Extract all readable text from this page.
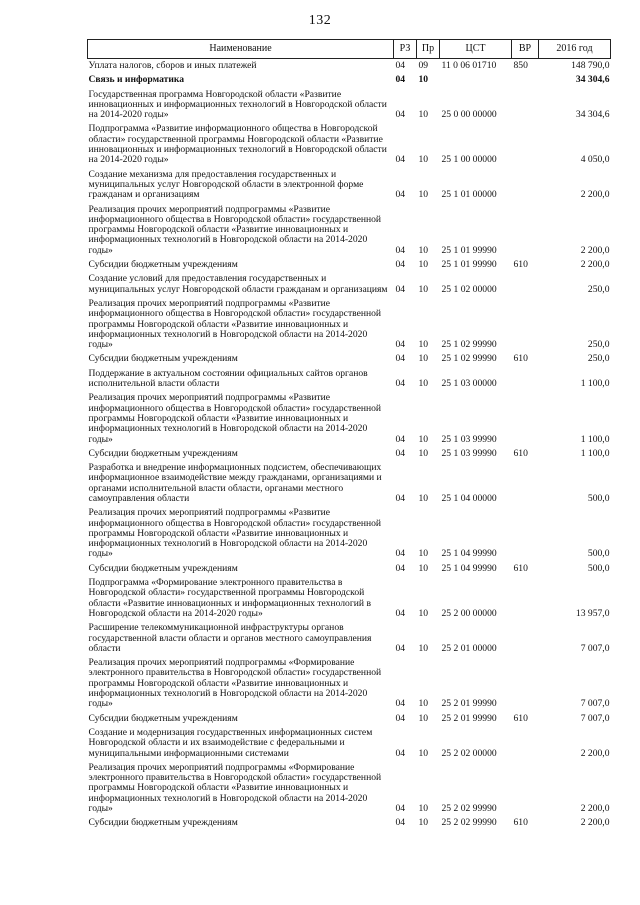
132
Наименование	РЗ	Пр	ЦСТ	ВР	2016 год
Уплата налогов, сборов и иных платежей	04	09	11 0 06 01710	850	148 790,0
Связь и информатика	04	10			34 304,6
Государственная программа Новгородской области «Развитие инновационных и информационных технологий в Новгородской области на 2014-2020 годы»	04	10	25 0 00 00000		34 304,6
Подпрограмма «Развитие информационного общества в Новгородской области» государственной программы Новгородской области «Развитие инновационных и информационных технологий в Новгородской области на 2014-2020 годы»	04	10	25 1 00 00000		4 050,0
Создание механизма для предоставления государственных и муниципальных услуг Новгородской области в электронной форме гражданам и организациям	04	10	25 1 01 00000		2 200,0
Реализация прочих мероприятий подпрограммы «Развитие информационного общества в Новгородской области» государственной программы Новгородской области «Развитие инновационных и информационных технологий в Новгородской области на 2014-2020 годы»	04	10	25 1 01 99990		2 200,0
Субсидии бюджетным учреждениям	04	10	25 1 01 99990	610	2 200,0
Создание условий для предоставления государственных и муниципальных услуг Новгородской области гражданам и организациям	04	10	25 1 02 00000		250,0
Реализация прочих мероприятий подпрограммы «Развитие информационного общества в Новгородской области» государственной программы Новгородской области «Развитие инновационных и информационных технологий в Новгородской области на 2014-2020 годы»	04	10	25 1 02 99990		250,0
Субсидии бюджетным учреждениям	04	10	25 1 02 99990	610	250,0
Поддержание в актуальном состоянии официальных сайтов органов исполнительной власти области	04	10	25 1 03 00000		1 100,0
Реализация прочих мероприятий подпрограммы «Развитие информационного общества в Новгородской области» государственной программы Новгородской области «Развитие инновационных и информационных технологий в Новгородской области на 2014-2020 годы»	04	10	25 1 03 99990		1 100,0
Субсидии бюджетным учреждениям	04	10	25 1 03 99990	610	1 100,0
Разработка и внедрение информационных подсистем, обеспечивающих информационное взаимодействие между гражданами, организациями и органами исполнительной власти области, органами местного самоуправления области	04	10	25 1 04 00000		500,0
Реализация прочих мероприятий подпрограммы «Развитие информационного общества в Новгородской области» государственной программы Новгородской области «Развитие инновационных и информационных технологий в Новгородской области на 2014-2020 годы»	04	10	25 1 04 99990		500,0
Субсидии бюджетным учреждениям	04	10	25 1 04 99990	610	500,0
Подпрограмма «Формирование электронного правительства в Новгородской области» государственной программы Новгородской области «Развитие инновационных и информационных технологий в Новгородской области на 2014-2020 годы»	04	10	25 2 00 00000		13 957,0
Расширение телекоммуникационной инфраструктуры органов государственной власти области и органов местного самоуправления области	04	10	25 2 01 00000		7 007,0
Реализация прочих мероприятий подпрограммы «Формирование электронного правительства в Новгородской области» государственной программы Новгородской области «Развитие инновационных и информационных технологий в Новгородской области на 2014-2020 годы»	04	10	25 2 01 99990		7 007,0
Субсидии бюджетным учреждениям	04	10	25 2 01 99990	610	7 007,0
Создание и модернизация государственных информационных систем Новгородской области и их взаимодействие с федеральными и муниципальными информационными системами	04	10	25 2 02 00000		2 200,0
Реализация прочих мероприятий подпрограммы «Формирование электронного правительства в Новгородской области» государственной программы Новгородской области «Развитие инновационных и информационных технологий в Новгородской области на 2014-2020 годы»	04	10	25 2 02 99990		2 200,0
Субсидии бюджетным учреждениям	04	10	25 2 02 99990	610	2 200,0
